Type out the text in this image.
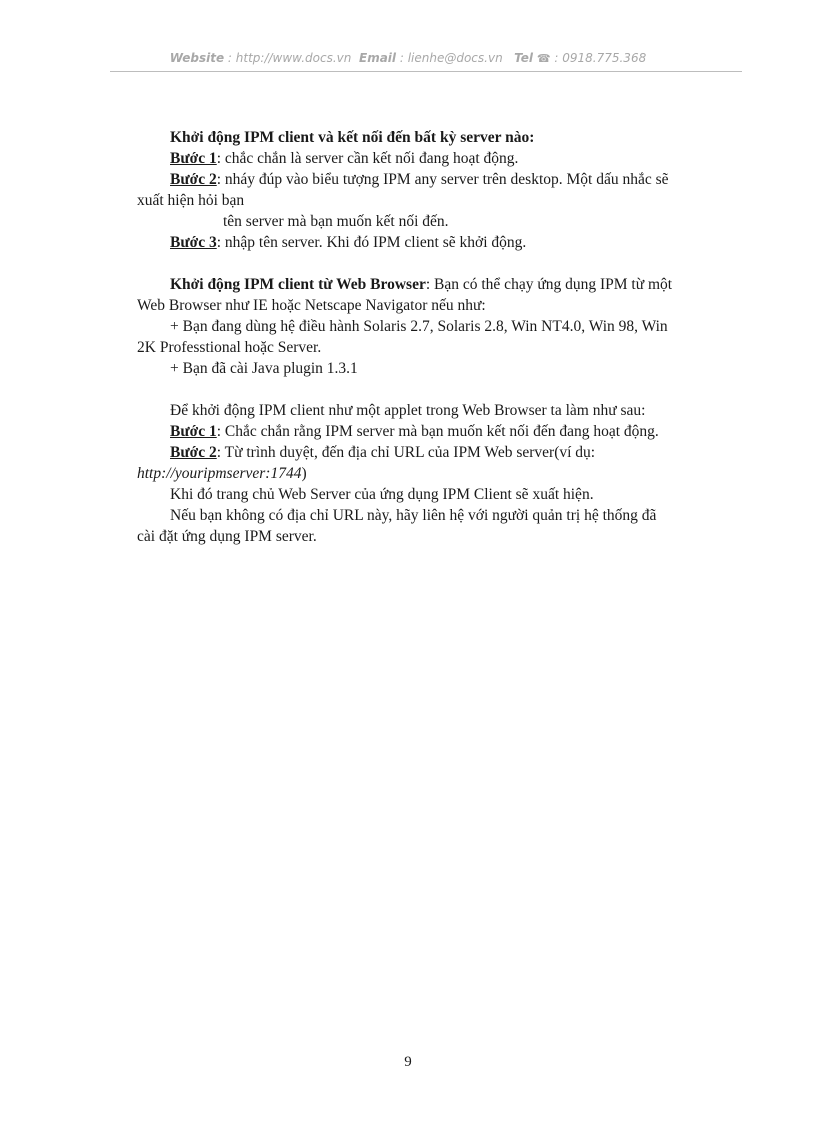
Website : http://www.docs.vn Email : lienhe@docs.vn Tel ☎ : 0918.775.368

Khởi động IPM client và kết nối đến bất kỳ server nào:

Bước 1: chắc chắn là server cần kết nối đang hoạt động.

Bước 2: nháy đúp vào biểu tượng IPM any server trên desktop. Một dấu nhắc sẽ

xuất hiện hỏi bạn

tên server mà bạn muốn kết nối đến.

Bước 3: nhập tên server. Khi đó IPM client sẽ khởi động.

Khởi động IPM client từ Web Browser: Bạn có thể chạy ứng dụng IPM từ một

Web Browser như IE hoặc Netscape Navigator nếu như:

+ Bạn đang dùng hệ điều hành Solaris 2.7, Solaris 2.8, Win NT4.0, Win 98, Win

2K Professtional hoặc Server.

+ Bạn đã cài Java plugin 1.3.1

Để khởi động IPM client như một applet trong Web Browser ta làm như sau:

Bước 1: Chắc chắn rằng IPM server mà bạn muốn kết nối đến đang hoạt động.

Bước 2: Từ trình duyệt, đến địa chỉ URL của IPM Web server(ví dụ:

http://youripmserver:1744)

Khi đó trang chủ Web Server của ứng dụng IPM Client sẽ xuất hiện.

Nếu bạn không có địa chỉ URL này, hãy liên hệ với người quản trị hệ thống đã

cài đặt ứng dụng IPM server.

9
